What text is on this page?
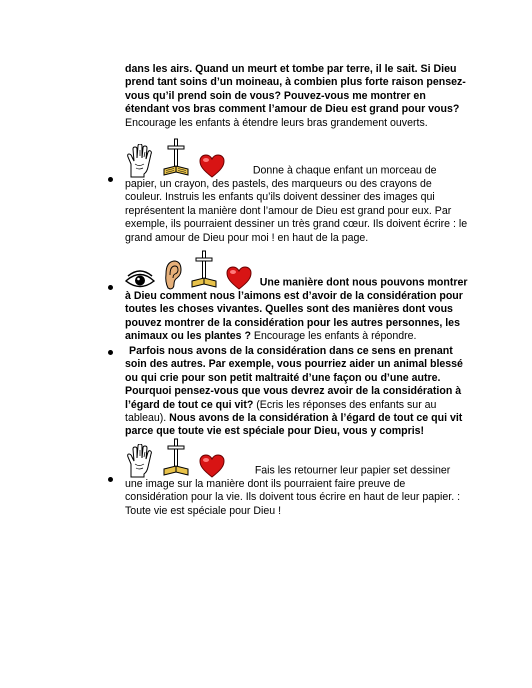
dans les airs. Quand un meurt et tombe par terre, il le sait. Si Dieu prend tant soins d’un moineau, à combien plus forte raison pensez-vous qu’il prend soin de vous? Pouvez-vous me montrer en étendant vos bras comment l’amour de Dieu est grand pour vous? Encourage les enfants à étendre leurs bras grandement ouverts.

Donne à chaque enfant un morceau de papier, un crayon, des pastels, des marqueurs ou des crayons de couleur. Instruis les enfants qu’ils doivent dessiner des images qui représentent la manière dont l’amour de Dieu est grand pour eux. Par exemple, ils pourraient dessiner un très grand cœur. Ils doivent écrire : le grand amour de Dieu pour moi ! en haut de la page.

Une manière dont nous pouvons montrer à Dieu comment nous l’aimons est d’avoir de la considération pour toutes les choses vivantes. Quelles sont des manières dont vous pouvez montrer de la considération pour les autres personnes, les animaux ou les plantes ? Encourage les enfants à répondre.
Parfois nous avons de la considération dans ce sens en prenant soin des autres. Par exemple, vous pourriez aider un animal blessé ou qui crie pour son petit maltraité d’une façon ou d’une autre. Pourquoi pensez-vous que vous devrez avoir de la considération à l’égard de tout ce qui vit? (Ecris les réponses des enfants sur au tableau). Nous avons de la considération à l’égard de tout ce qui vit parce que toute vie est spéciale pour Dieu, vous y compris!

Fais les retourner leur papier set dessiner une image sur la manière dont ils pourraient faire preuve de considération pour la vie. Ils doivent tous écrire en haut de leur papier. : Toute vie est spéciale pour Dieu !
